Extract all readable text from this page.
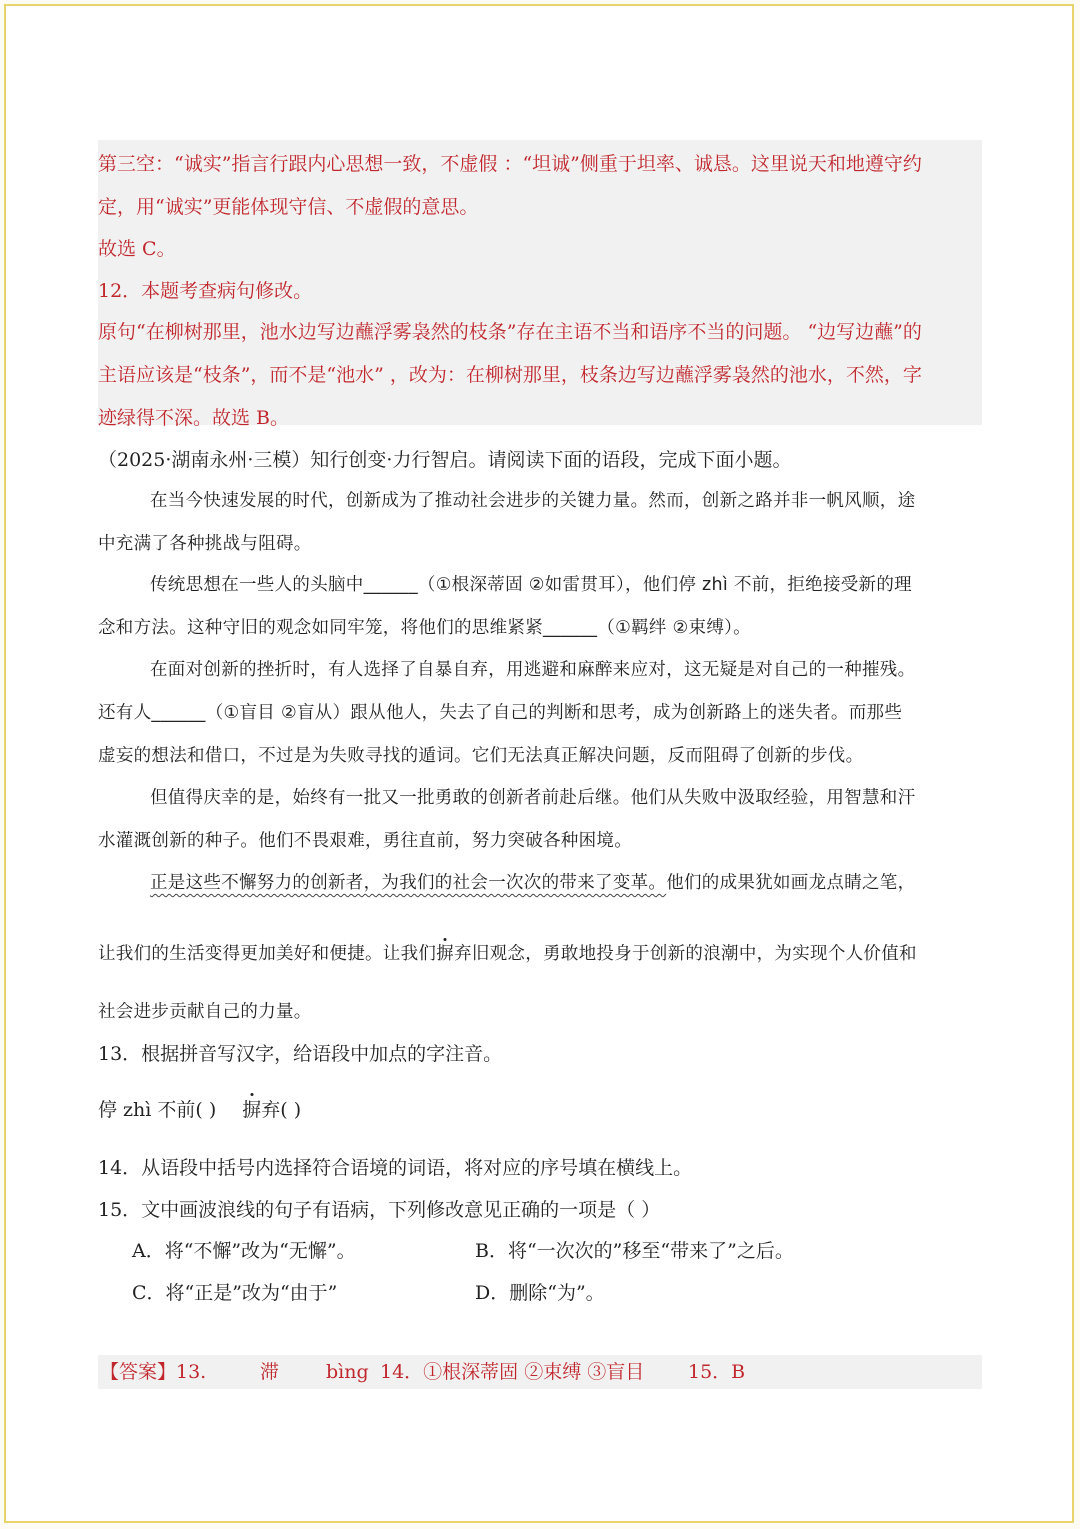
第三空：“诚实”指言行跟内心思想一致，不虚假 ：“坦诚”侧重于坦率、诚恳。这里说天和地遵守约
定，用“诚实”更能体现守信、不虚假的意思。
故选 C。
12．本题考查病句修改。
原句“在柳树那里，池水边写边蘸浮雾袅然的枝条”存在主语不当和语序不当的问题。 “边写边蘸”的
主语应该是“枝条”，而不是“池水” ，改为：在柳树那里，枝条边写边蘸浮雾袅然的池水，不然，字
迹绿得不深。故选 B。
（2025·湖南永州·三模）知行创变·力行智启。请阅读下面的语段，完成下面小题。
在当今快速发展的时代，创新成为了推动社会进步的关键力量。然而，创新之路并非一帆风顺，途
中充满了各种挑战与阻碍。
传统思想在一些人的头脑中______（①根深蒂固 ②如雷贯耳），他们停 zhì 不前，拒绝接受新的理
念和方法。这种守旧的观念如同牢笼，将他们的思维紧紧______（①羁绊 ②束缚）。
在面对创新的挫折时，有人选择了自暴自弃，用逃避和麻醉来应对，这无疑是对自己的一种摧残。
还有人______（①盲目 ②盲从）跟从他人，失去了自己的判断和思考，成为创新路上的迷失者。而那些
虚妄的想法和借口，不过是为失败寻找的遁词。它们无法真正解决问题，反而阻碍了创新的步伐。
但值得庆幸的是，始终有一批又一批勇敢的创新者前赴后继。他们从失败中汲取经验，用智慧和汗
水灌溉创新的种子。他们不畏艰难，勇往直前，努力突破各种困境。
正是这些不懈努力的创新者，为我们的社会一次次的带来了变革。他们的成果犹如画龙点睛之笔，
让我们的生活变得更加美好和便捷。让我们摒弃旧观念，勇敢地投身于创新的浪潮中，为实现个人价值和
社会进步贡献自己的力量。
13．根据拼音写汉字，给语段中加点的字注音。
停 zhì 不前( ) 摒弃( )
14．从语段中括号内选择符合语境的词语，将对应的序号填在横线上。
15．文中画波浪线的句子有语病，下列修改意见正确的一项是（ ）
A．将“不懈”改为“无懈”。	B．将“一次次的”移至“带来了”之后。
C．将“正是”改为“由于”	D．删除“为”。
【答案】13.	滞 bìng 14．①根深蒂固 ②束缚 ③盲目 15．B
